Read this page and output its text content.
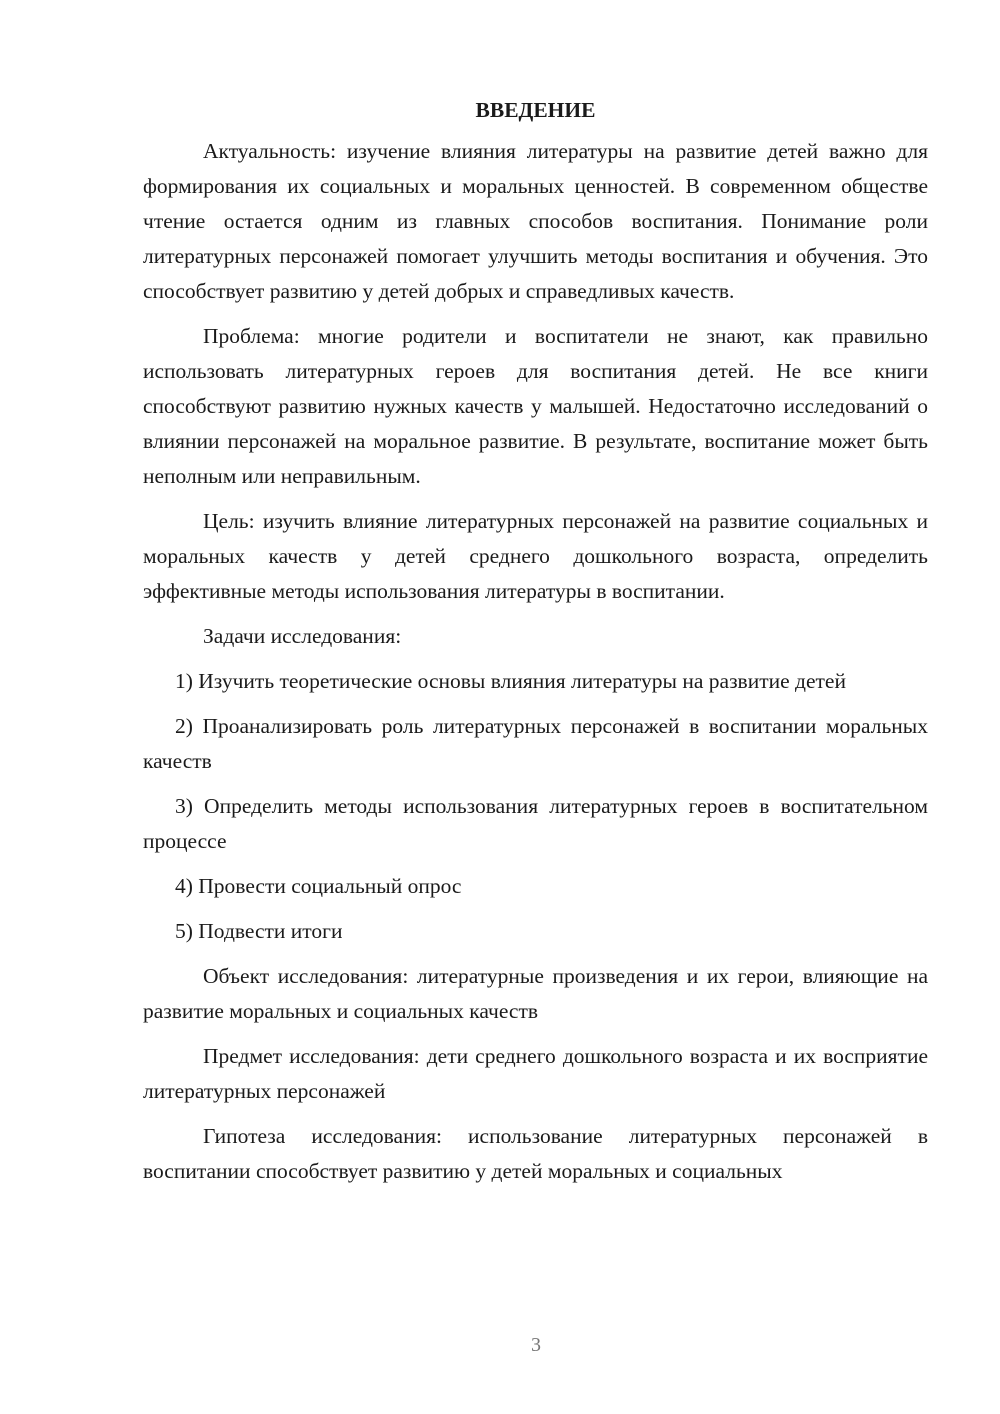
ВВЕДЕНИЕ

Актуальность: изучение влияния литературы на развитие детей важно для формирования их социальных и моральных ценностей. В современном обществе чтение остается одним из главных способов воспитания. Понимание роли литературных персонажей помогает улучшить методы воспитания и обучения. Это способствует развитию у детей добрых и справедливых качеств.

Проблема: многие родители и воспитатели не знают, как правильно использовать литературных героев для воспитания детей. Не все книги способствуют развитию нужных качеств у малышей. Недостаточно исследований о влиянии персонажей на моральное развитие. В результате, воспитание может быть неполным или неправильным.

Цель: изучить влияние литературных персонажей на развитие социальных и моральных качеств у детей среднего дошкольного возраста, определить эффективные методы использования литературы в воспитании.

Задачи исследования:

1) Изучить теоретические основы влияния литературы на развитие детей

2) Проанализировать роль литературных персонажей в воспитании моральных качеств

3) Определить методы использования литературных героев в воспитательном процессе

4) Провести социальный опрос

5) Подвести итоги

Объект исследования: литературные произведения и их герои, влияющие на развитие моральных и социальных качеств

Предмет исследования: дети среднего дошкольного возраста и их восприятие литературных персонажей

Гипотеза исследования: использование литературных персонажей в воспитании способствует развитию у детей моральных и социальных

3
